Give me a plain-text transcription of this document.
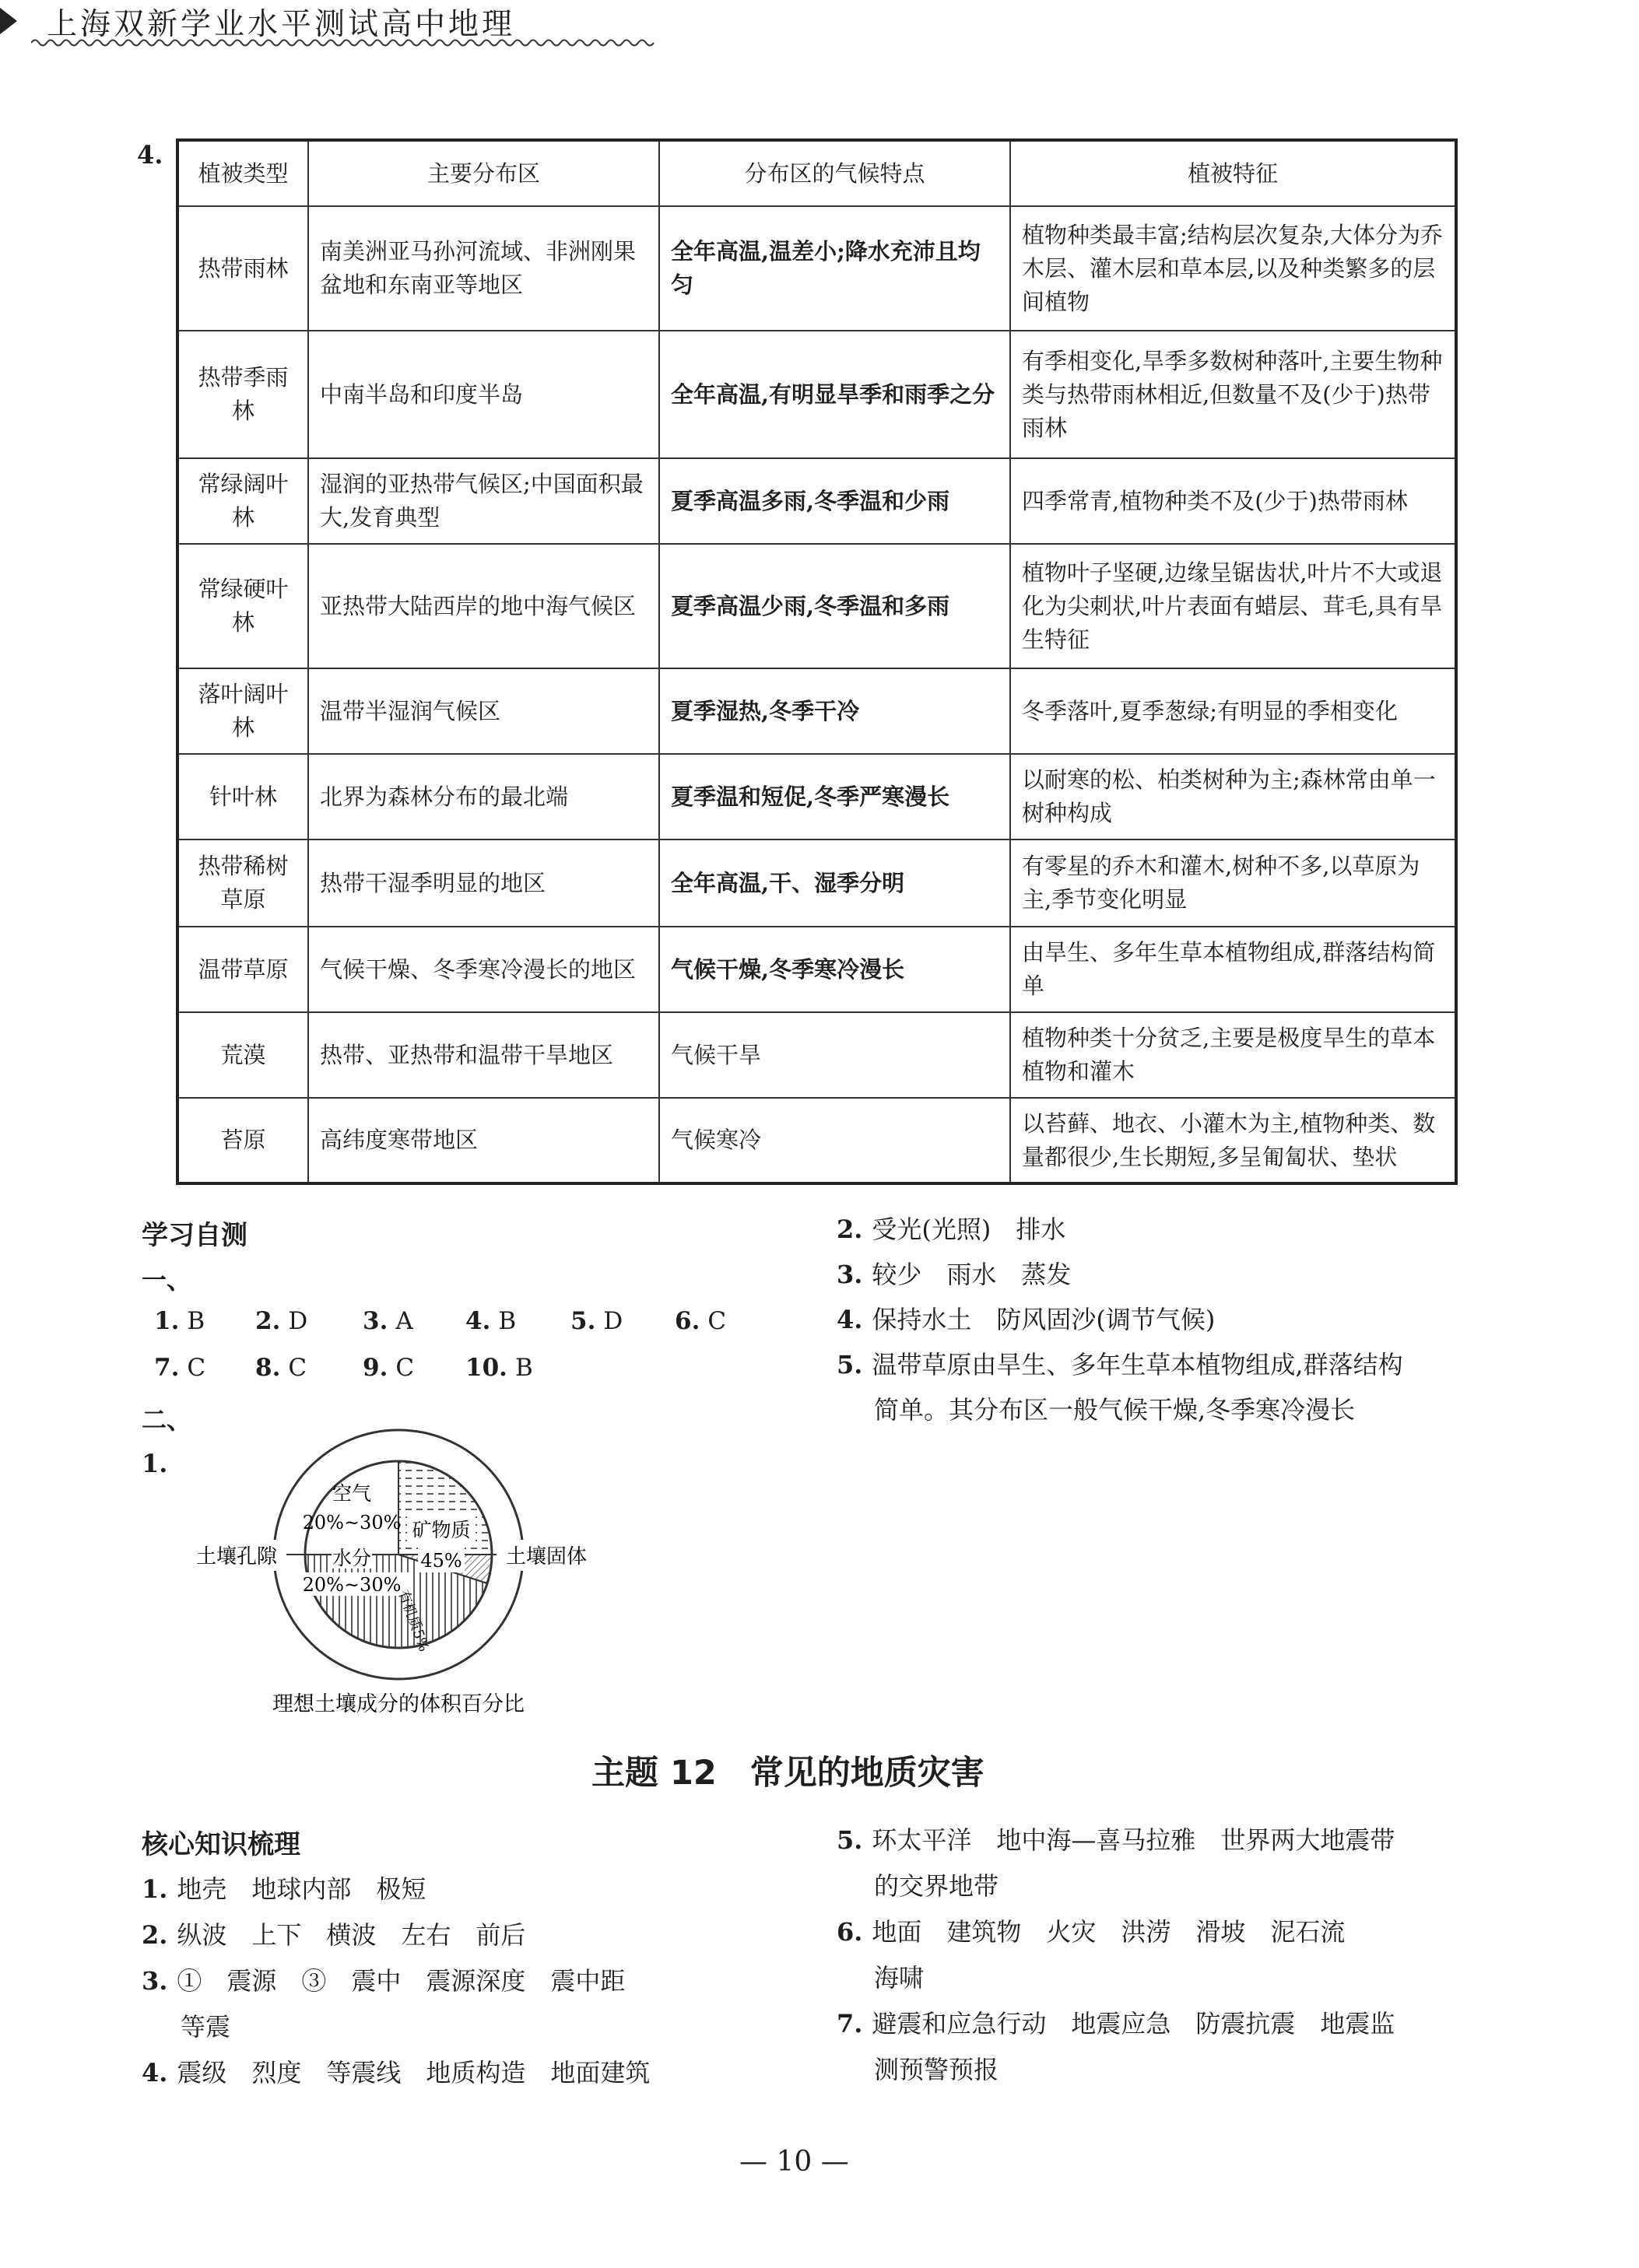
上海双新学业水平测试高中地理
4.
植被类型	主要分布区	分布区的气候特点	植被特征
热带雨林	南美洲亚马孙河流域、非洲刚果盆地和东南亚等地区	全年高温,温差小;降水充沛且均匀	植物种类最丰富;结构层次复杂,大体分为乔木层、灌木层和草本层,以及种类繁多的层间植物
热带季雨林	中南半岛和印度半岛	全年高温,有明显旱季和雨季之分	有季相变化,旱季多数树种落叶,主要生物种类与热带雨林相近,但数量不及(少于)热带雨林
常绿阔叶林	湿润的亚热带气候区;中国面积最大,发育典型	夏季高温多雨,冬季温和少雨	四季常青,植物种类不及(少于)热带雨林
常绿硬叶林	亚热带大陆西岸的地中海气候区	夏季高温少雨,冬季温和多雨	植物叶子坚硬,边缘呈锯齿状,叶片不大或退化为尖刺状,叶片表面有蜡层、茸毛,具有旱生特征
落叶阔叶林	温带半湿润气候区	夏季湿热,冬季干冷	冬季落叶,夏季葱绿;有明显的季相变化
针叶林	北界为森林分布的最北端	夏季温和短促,冬季严寒漫长	以耐寒的松、柏类树种为主;森林常由单一树种构成
热带稀树草原	热带干湿季明显的地区	全年高温,干、湿季分明	有零星的乔木和灌木,树种不多,以草原为主,季节变化明显
温带草原	气候干燥、冬季寒冷漫长的地区	气候干燥,冬季寒冷漫长	由旱生、多年生草本植物组成,群落结构简单
荒漠	热带、亚热带和温带干旱地区	气候干旱	植物种类十分贫乏,主要是极度旱生的草本植物和灌木
苔原	高纬度寒带地区	气候寒冷	以苔藓、地衣、小灌木为主,植物种类、数量都很少,生长期短,多呈匍匐状、垫状
学习自测
一、
1. B 2. D 3. A 4. B 5. D 6. C
7. C 8. C 9. C 10. B
二、
1.
土壤孔隙	土壤固体
空气
20%~30%
水分
20%~30%
矿物质
45%
有机质5%
理想土壤成分的体积百分比
2. 受光(光照)　排水
3. 较少　雨水　蒸发
4. 保持水土　防风固沙(调节气候)
5. 温带草原由旱生、多年生草本植物组成,群落结构
简单。其分布区一般气候干燥,冬季寒冷漫长
主题 12　常见的地质灾害
核心知识梳理
1. 地壳　地球内部　极短
2. 纵波　上下　横波　左右　前后
3. ①　震源　③　震中　震源深度　震中距
等震
4. 震级　烈度　等震线　地质构造　地面建筑
5. 环太平洋　地中海—喜马拉雅　世界两大地震带
的交界地带
6. 地面　建筑物　火灾　洪涝　滑坡　泥石流
海啸
7. 避震和应急行动　地震应急　防震抗震　地震监
测预警预报
— 10 —
